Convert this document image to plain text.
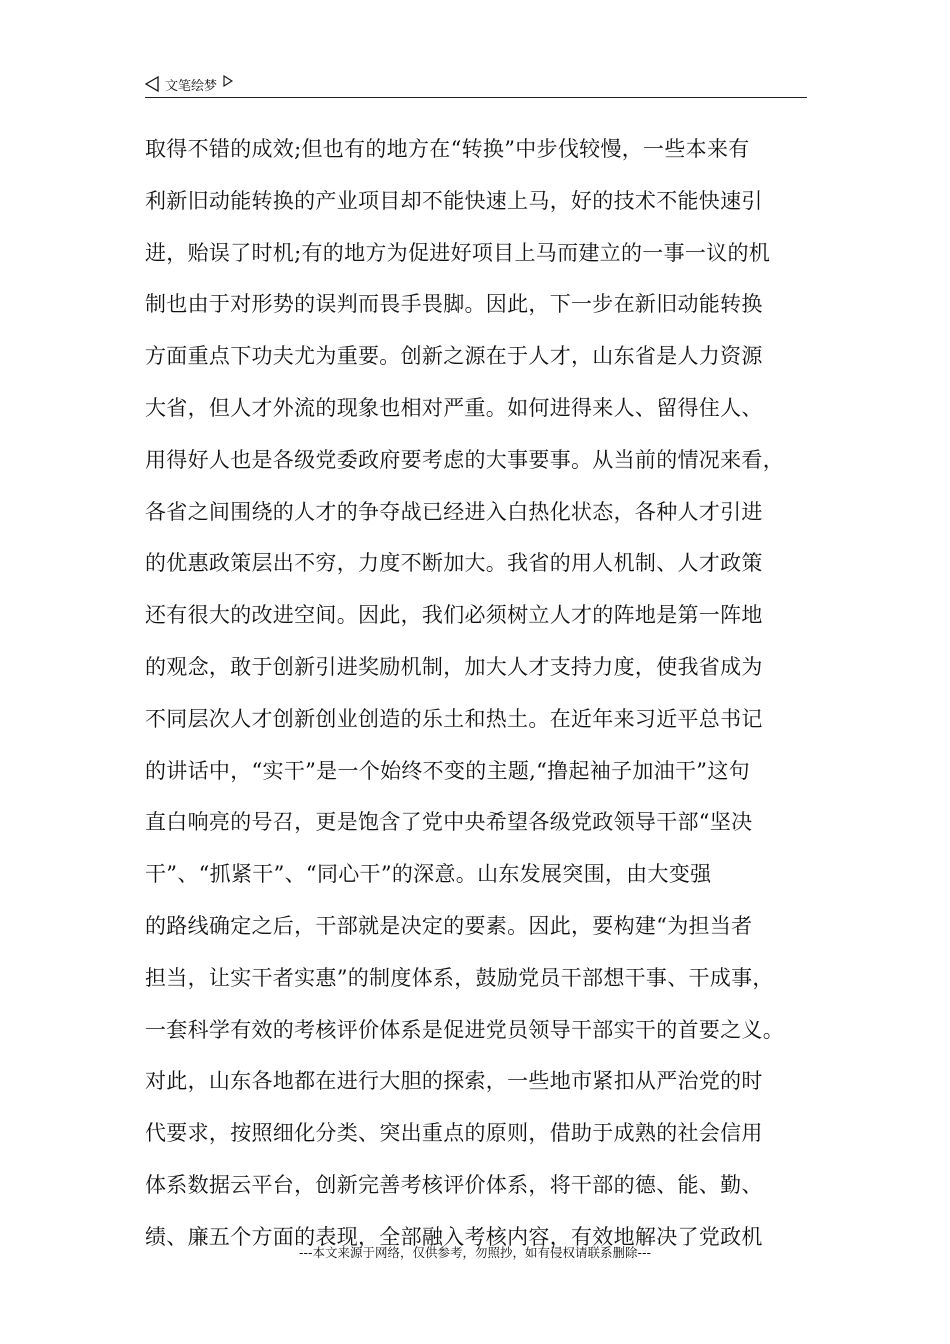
文笔绘梦
取得不错的成效;但也有的地方在“转换”中步伐较慢，一些本来有
利新旧动能转换的产业项目却不能快速上马，好的技术不能快速引
进，贻误了时机;有的地方为促进好项目上马而建立的一事一议的机
制也由于对形势的误判而畏手畏脚。因此，下一步在新旧动能转换
方面重点下功夫尤为重要。创新之源在于人才，山东省是人力资源
大省，但人才外流的现象也相对严重。如何进得来人、留得住人、
用得好人也是各级党委政府要考虑的大事要事。从当前的情况来看，
各省之间围绕的人才的争夺战已经进入白热化状态，各种人才引进
的优惠政策层出不穷，力度不断加大。我省的用人机制、人才政策
还有很大的改进空间。因此，我们必须树立人才的阵地是第一阵地
的观念，敢于创新引进奖励机制，加大人才支持力度，使我省成为
不同层次人才创新创业创造的乐土和热土。在近年来习近平总书记
的讲话中，“实干”是一个始终不变的主题,“撸起袖子加油干”这句
直白响亮的号召，更是饱含了党中央希望各级党政领导干部“坚决
干”、“抓紧干”、“同心干”的深意。山东发展突围，由大变强
的路线确定之后，干部就是决定的要素。因此，要构建“为担当者
担当，让实干者实惠”的制度体系，鼓励党员干部想干事、干成事，
一套科学有效的考核评价体系是促进党员领导干部实干的首要之义。
对此，山东各地都在进行大胆的探索，一些地市紧扣从严治党的时
代要求，按照细化分类、突出重点的原则，借助于成熟的社会信用
体系数据云平台，创新完善考核评价体系，将干部的德、能、勤、
绩、廉五个方面的表现，全部融入考核内容，有效地解决了党政机
---本文来源于网络，仅供参考，勿照抄，如有侵权请联系删除---
